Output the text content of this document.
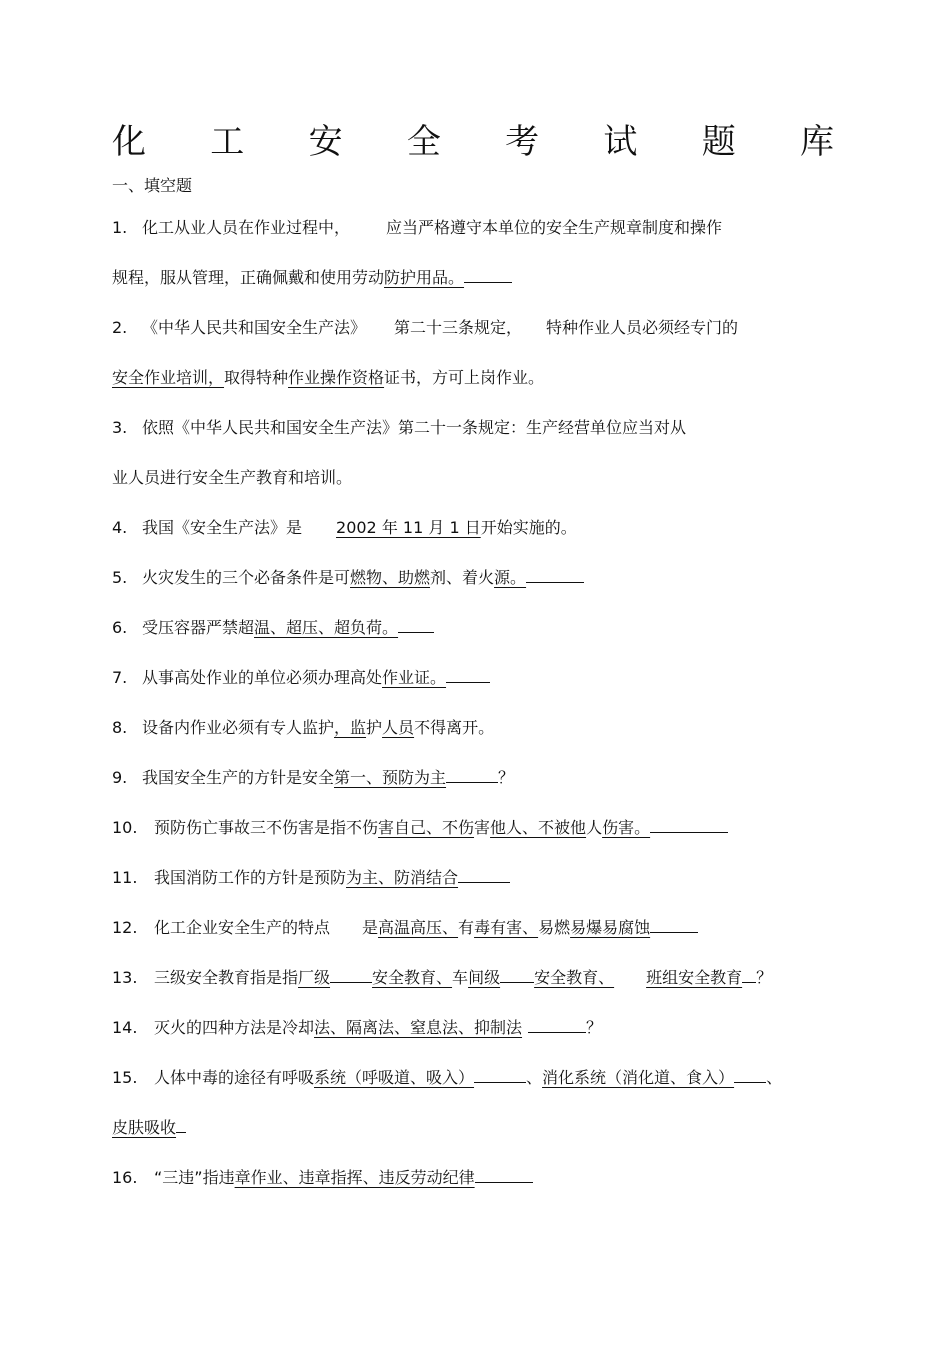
化 工 安 全 考 试 题 库
一、填空题
1. 化工从业人员在作业过程中， 应当严格遵守本单位的安全生产规章制度和操作
规程，服从管理，正确佩戴和使用劳动防护用品。
2. 《中华人民共和国安全生产法》 第二十三条规定， 特种作业人员必须经专门的
安全作业培训，取得特种作业操作资格证书，方可上岗作业。
3. 依照《中华人民共和国安全生产法》第二十一条规定：生产经营单位应当对从
业人员进行安全生产教育和培训。
4. 我国《安全生产法》是 2002 年 11 月 1 日开始实施的。
5. 火灾发生的三个必备条件是可燃物、助燃剂、着火源。
6. 受压容器严禁超温、超压、超负荷。
7. 从事高处作业的单位必须办理高处作业证。
8. 设备内作业必须有专人监护，监护人员不得离开。
9. 我国安全生产的方针是安全第一、预防为主	？
10. 预防伤亡事故三不伤害是指不伤害自己、不伤害他人、不被他人伤害。
11. 我国消防工作的方针是预防为主、防消结合
12. 化工企业安全生产的特点 是高温高压、有毒有害、易燃易爆易腐蚀
13. 三级安全教育指是指厂级	安全教育、车间级 安全教育、 班组安全教育 ？
14. 灭火的四种方法是冷却法、隔离法、窒息法、抑制法	？
15. 人体中毒的途径有呼吸系统（呼吸道、吸入）	、消化系统（消化道、食入） 、
皮肤吸收
16. “三违”指违章作业、违章指挥、违反劳动纪律
